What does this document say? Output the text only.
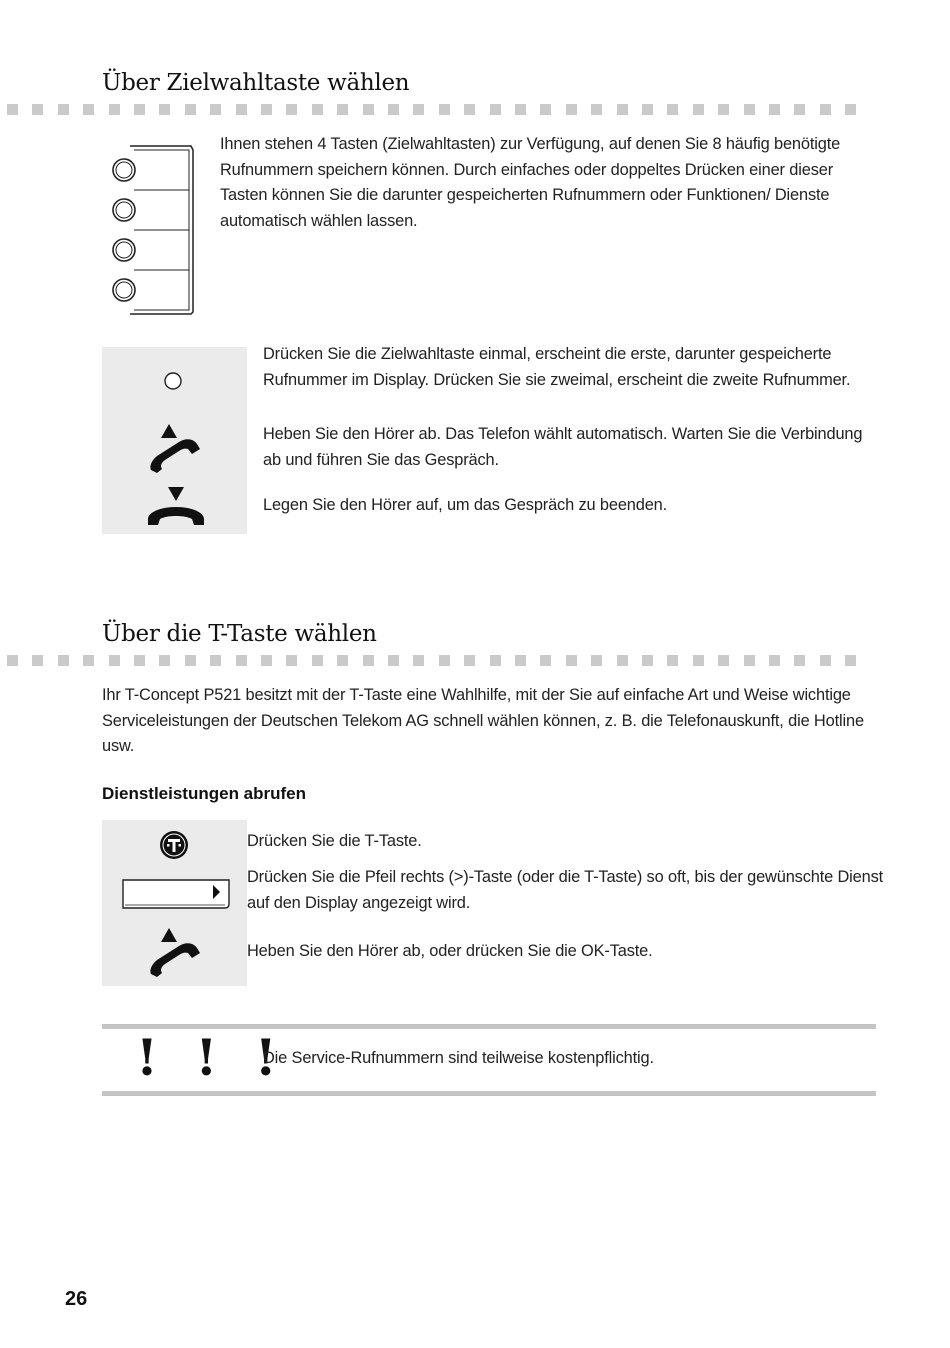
Über Zielwahltaste wählen
Ihnen stehen 4 Tasten (Zielwahltasten) zur Verfügung, auf denen Sie 8 häufig benötigte Rufnummern speichern können. Durch einfaches oder doppeltes Drücken einer dieser Tasten können Sie die darunter gespeicherten Rufnummern oder Funktionen/ Dienste automatisch wählen lassen.
Drücken Sie die Zielwahltaste einmal, erscheint die erste, darunter gespeicherte Rufnummer im Display. Drücken Sie sie zweimal, erscheint die zweite Rufnummer.
Heben Sie den Hörer ab. Das Telefon wählt automatisch. Warten Sie die Verbindung ab und führen Sie das Gespräch.
Legen Sie den Hörer auf, um das Gespräch zu beenden.
Über die T-Taste wählen
Ihr T-Concept P521 besitzt mit der T-Taste eine Wahlhilfe, mit der Sie auf einfache Art und Weise wichtige Serviceleistungen der Deutschen Telekom AG schnell wählen können, z. B. die Telefonauskunft, die Hotline usw.
Dienstleistungen abrufen
Drücken Sie die T-Taste.
Drücken Sie die Pfeil rechts (>)-Taste (oder die T-Taste) so oft, bis der gewünschte Dienst auf den Display angezeigt wird.
Heben Sie den Hörer ab, oder drücken Sie die OK-Taste.
! ! !
Die Service-Rufnummern sind teilweise kostenpflichtig.
26
